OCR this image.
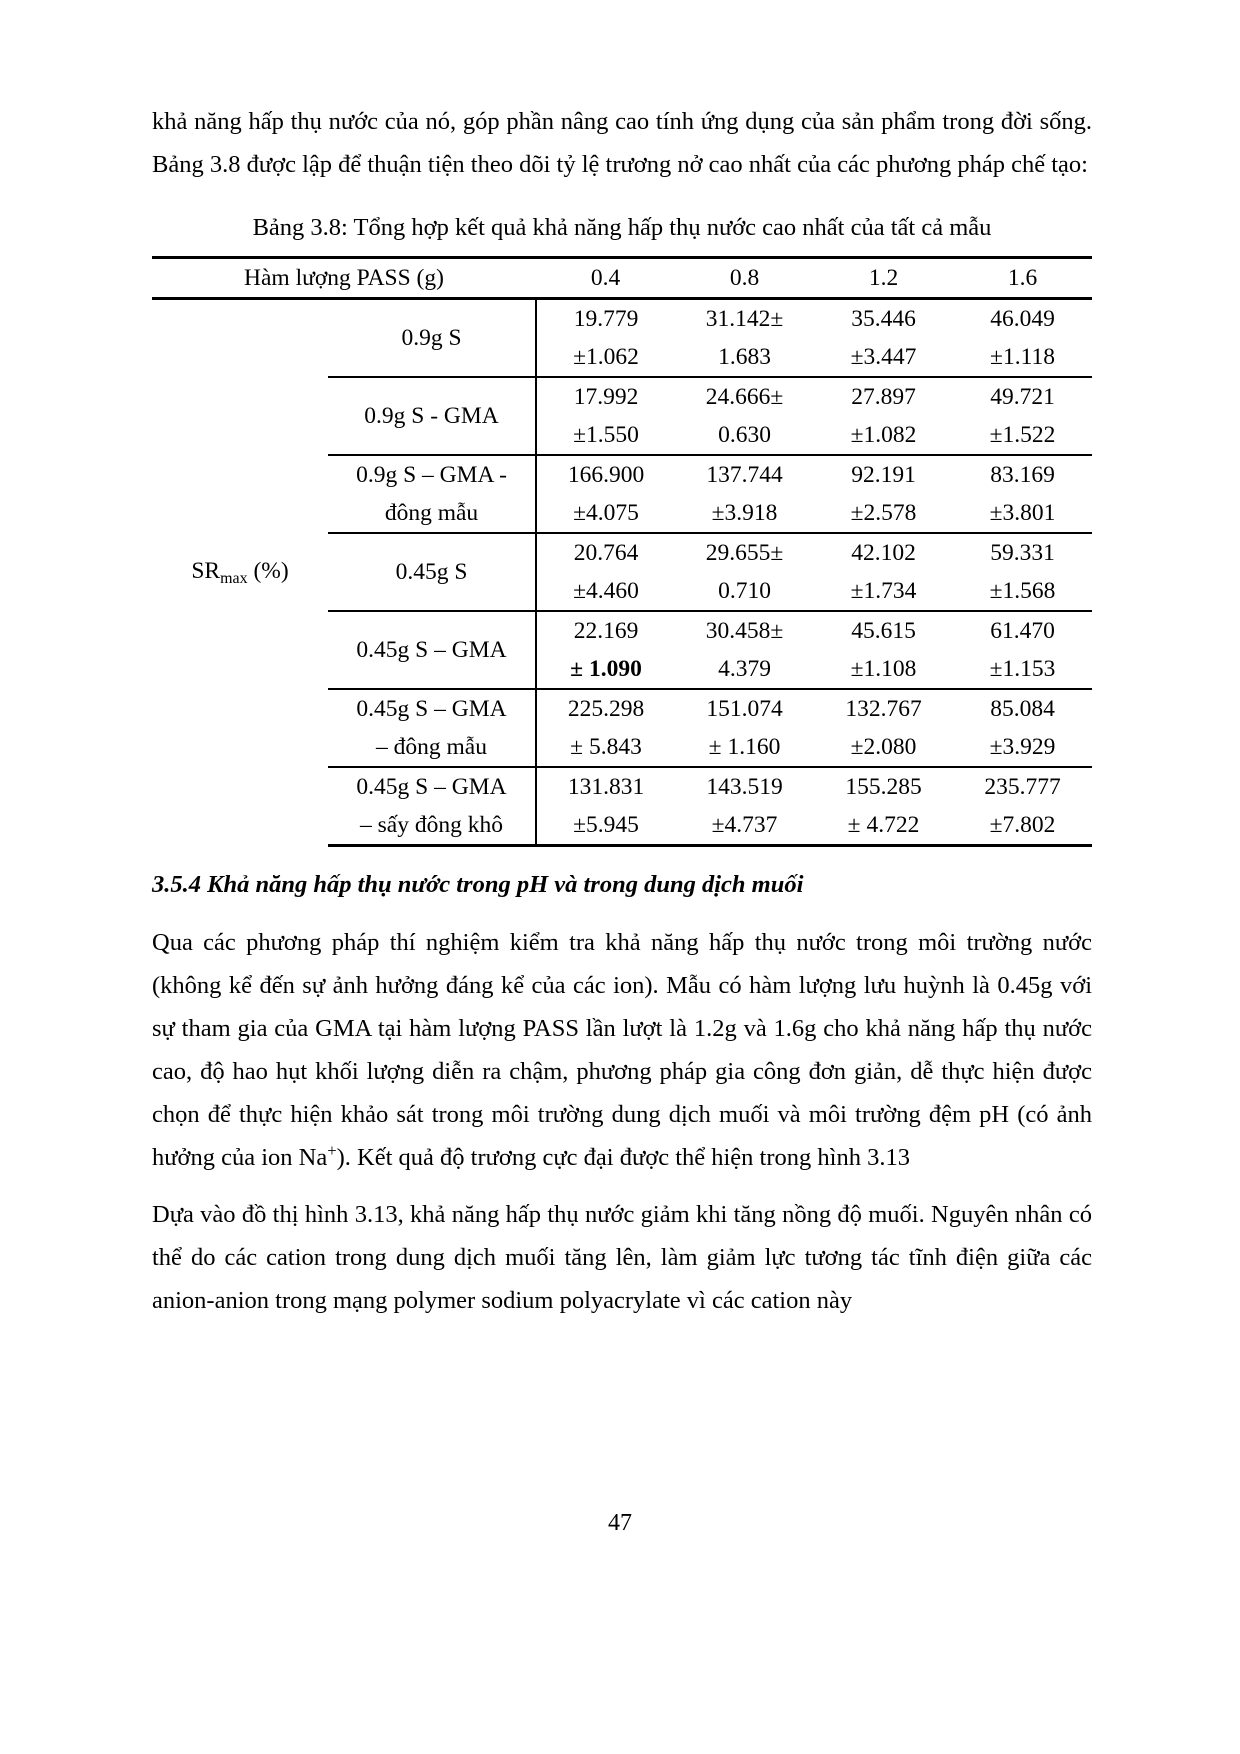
khả năng hấp thụ nước của nó, góp phần nâng cao tính ứng dụng của sản phẩm trong đời sống. Bảng 3.8 được lập để thuận tiện theo dõi tỷ lệ trương nở cao nhất của các phương pháp chế tạo:

Bảng 3.8: Tổng hợp kết quả khả năng hấp thụ nước cao nhất của tất cả mẫu
Hàm lượng PASS (g)		0.4	0.8	1.2	1.6
$SR_{max}$ (%)	0.9g S	19.779	31.142±	35.446	46.049
		±1.062	1.683	±3.447	±1.118
	0.9g S - GMA	17.992	24.666±	27.897	49.721
		±1.550	0.630	±1.082	±1.522
	0.9g S – GMA -	166.900	137.744	92.191	83.169
	đông mẫu	±4.075	±3.918	±2.578	±3.801
	0.45g S	20.764	29.655±	42.102	59.331
		±4.460	0.710	±1.734	±1.568
	0.45g S – GMA	22.169	30.458±	45.615	61.470
		± 1.090	4.379	±1.108	±1.153
	0.45g S – GMA	225.298	151.074	132.767	85.084
	– đông mẫu	± 5.843	± 1.160	±2.080	±3.929
	0.45g S – GMA	131.831	143.519	155.285	235.777
	– sấy đông khô	±5.945	±4.737	± 4.722	±7.802
3.5.4 Khả năng hấp thụ nước trong pH và trong dung dịch muối

Qua các phương pháp thí nghiệm kiểm tra khả năng hấp thụ nước trong môi trường nước (không kể đến sự ảnh hưởng đáng kể của các ion). Mẫu có hàm lượng lưu huỳnh là 0.45g với sự tham gia của GMA tại hàm lượng PASS lần lượt là 1.2g và 1.6g cho khả năng hấp thụ nước cao, độ hao hụt khối lượng diễn ra chậm, phương pháp gia công đơn giản, dễ thực hiện được chọn để thực hiện khảo sát trong môi trường dung dịch muối và môi trường đệm pH (có ảnh hưởng của ion Na+). Kết quả độ trương cực đại được thể hiện trong hình 3.13

Dựa vào đồ thị hình 3.13, khả năng hấp thụ nước giảm khi tăng nồng độ muối. Nguyên nhân có thể do các cation trong dung dịch muối tăng lên, làm giảm lực tương tác tĩnh điện giữa các anion-anion trong mạng polymer sodium polyacrylate vì các cation này

47
